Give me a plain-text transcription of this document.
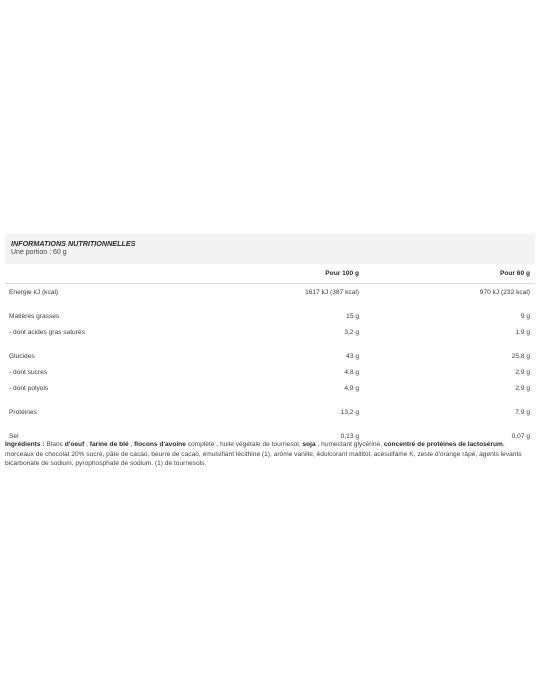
INFORMATIONS NUTRITIONNELLES
Une portion : 60 g
	Pour 100 g	Pour 60 g
Energie kJ (kcal)	1617 kJ (387 kcal)	970 kJ (232 kcal)

Matières grasses	15 g	9 g
- dont acides gras saturés	3,2 g	1,9 g

Glucides	43 g	25,8 g
- dont sucres	4,8 g	2,9 g
- dont polyols	4,9 g	2,9 g

Protéines	13,2 g	7,9 g

Sel	0,13 g	0,07 g
Ingrédients : Blanc d'oeuf , farine de blé , flocons d'avoine complète , huile végétale de tournesol, soja , humectant glycérine, concentré de protéines de lactosérum, morceaux de chocolat 20% sucre, pâte de cacao, beurre de cacao, émulsifiant lécithine (1), arôme vanille, édulcorant maltitol, acésulfame K, zeste d'orange râpé, agents levants bicarbonate de sodium, pyrophosphate de sodium. (1) de tournesols.
